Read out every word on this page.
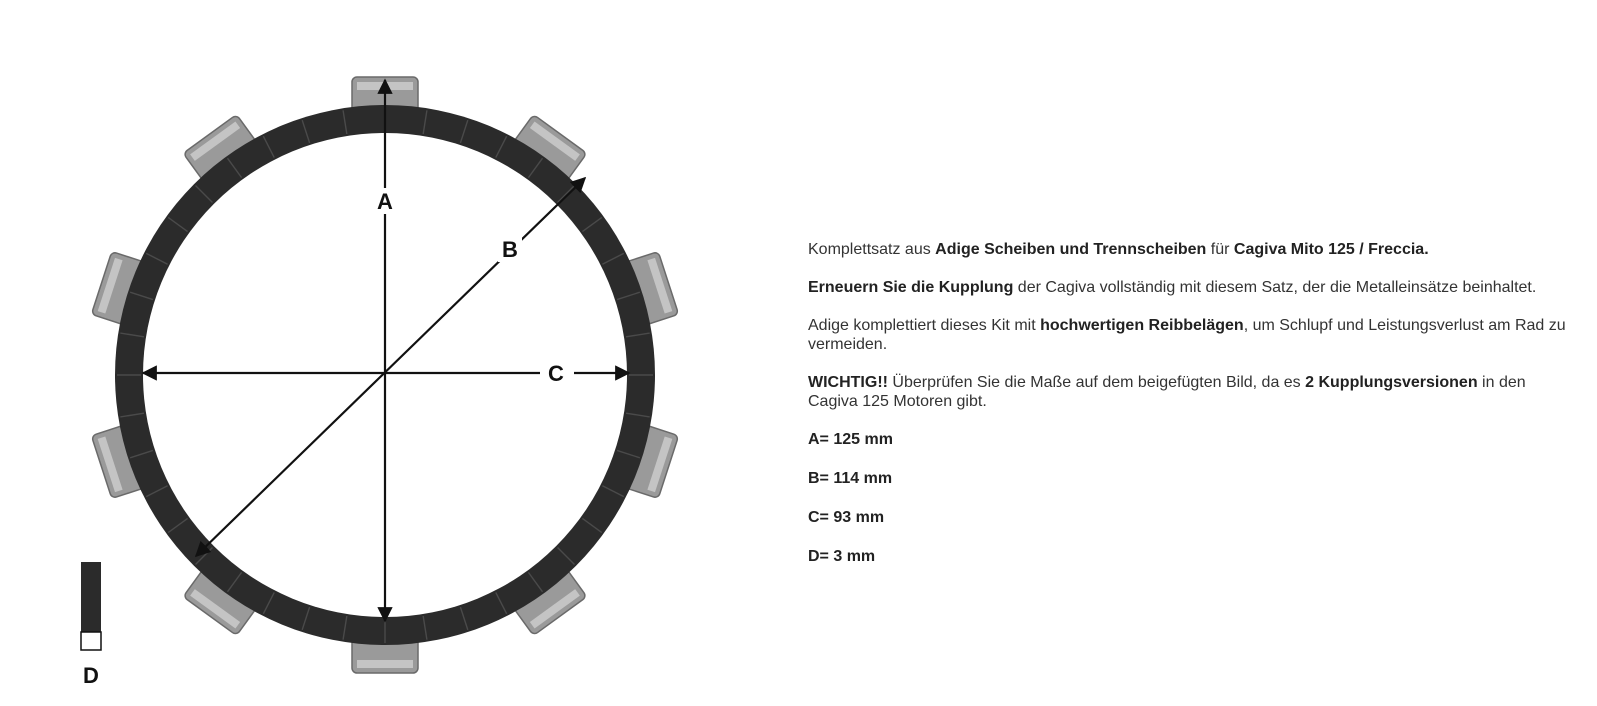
A
B
C
D

Komplettsatz aus Adige Scheiben und Trennscheiben für Cagiva Mito 125 / Freccia.

Erneuern Sie die Kupplung der Cagiva vollständig mit diesem Satz, der die Metalleinsätze beinhaltet.

Adige komplettiert dieses Kit mit hochwertigen Reibbelägen, um Schlupf und Leistungsverlust am Rad zu vermeiden.

WICHTIG!! Überprüfen Sie die Maße auf dem beigefügten Bild, da es 2 Kupplungsversionen in den Cagiva 125 Motoren gibt.

A= 125 mm
B= 114 mm
C= 93 mm
D= 3 mm
